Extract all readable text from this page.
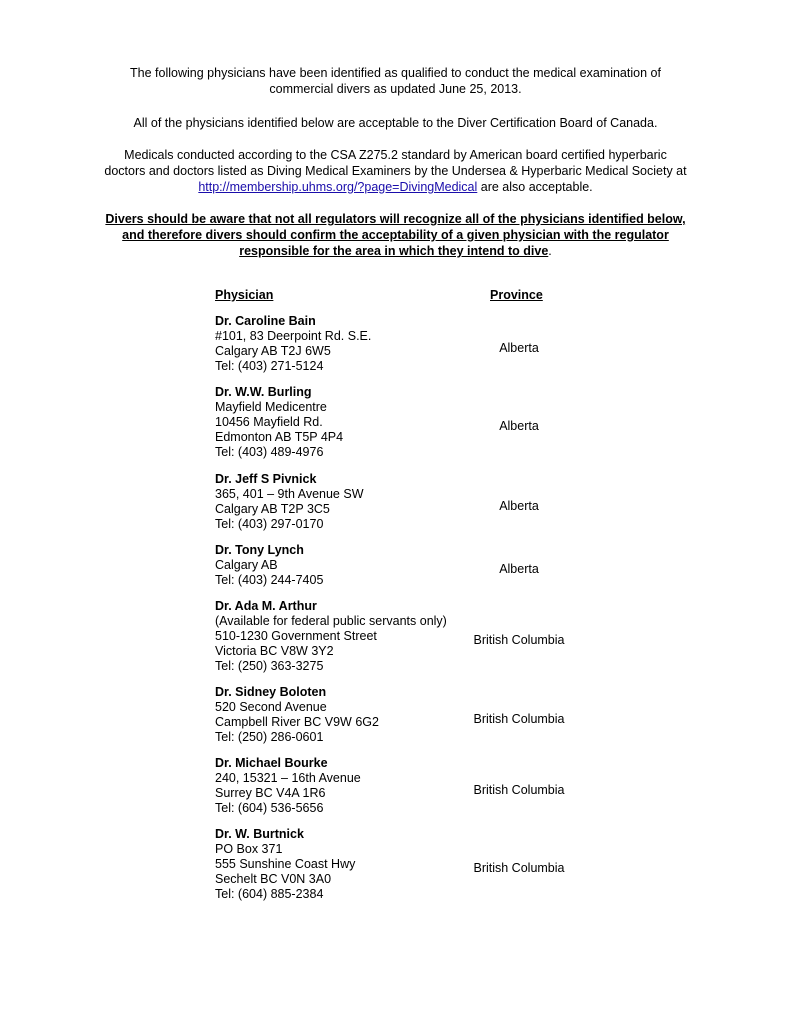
The following physicians have been identified as qualified to conduct the medical examination of
commercial divers as updated June 25, 2013.
All of the physicians identified below are acceptable to the Diver Certification Board of Canada.
Medicals conducted according to the CSA Z275.2 standard by American board certified hyperbaric
doctors and doctors listed as Diving Medical Examiners by the Undersea & Hyperbaric Medical Society at
http://membership.uhms.org/?page=DivingMedical are also acceptable.
Divers should be aware that not all regulators will recognize all of the physicians identified below,
and therefore divers should confirm the acceptability of a given physician with the regulator
responsible for the area in which they intend to dive.
Physician	Province
Dr. Caroline Bain
#101, 83 Deerpoint Rd. S.E.
Calgary AB T2J 6W5
Tel: (403) 271-5124
Alberta
Dr. W.W. Burling
Mayfield Medicentre
10456 Mayfield Rd.
Edmonton AB T5P 4P4
Tel: (403) 489-4976
Alberta
Dr. Jeff S Pivnick
365, 401 – 9th Avenue SW
Calgary AB T2P 3C5
Tel: (403) 297-0170
Alberta
Dr. Tony Lynch
Calgary AB
Tel: (403) 244-7405
Alberta
Dr. Ada M. Arthur
(Available for federal public servants only)
510-1230 Government Street
Victoria BC V8W 3Y2
Tel: (250) 363-3275
British Columbia
Dr. Sidney Boloten
520 Second Avenue
Campbell River BC V9W 6G2
Tel: (250) 286-0601
British Columbia
Dr. Michael Bourke
240, 15321 – 16th Avenue
Surrey BC V4A 1R6
Tel: (604) 536-5656
British Columbia
Dr. W. Burtnick
PO Box 371
555 Sunshine Coast Hwy
Sechelt BC V0N 3A0
Tel: (604) 885-2384
British Columbia
